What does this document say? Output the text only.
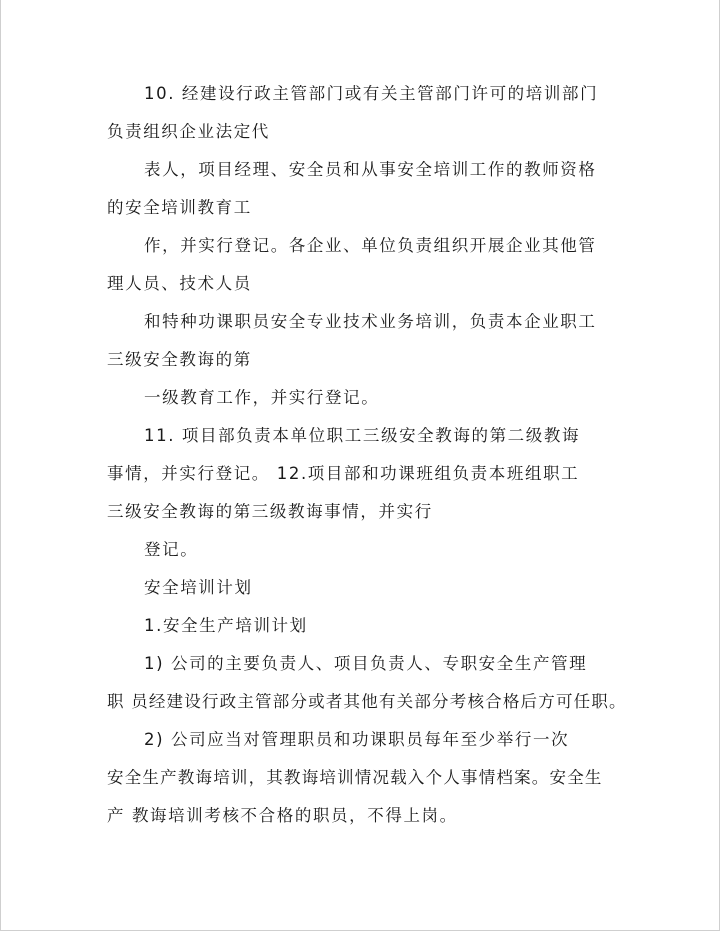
10. 经建设行政主管部门或有关主管部门许可的培训部门
负责组织企业法定代
表人，项目经理、安全员和从事安全培训工作的教师资格
的安全培训教育工
作，并实行登记。各企业、单位负责组织开展企业其他管
理人员、技术人员
和特种功课职员安全专业技术业务培训，负责本企业职工
三级安全教诲的第
一级教育工作，并实行登记。
11. 项目部负责本单位职工三级安全教诲的第二级教诲
事情，并实行登记。 12.项目部和功课班组负责本班组职工
三级安全教诲的第三级教诲事情，并实行
登记。
安全培训计划
1.安全生产培训计划
1) 公司的主要负责人、项目负责人、专职安全生产管理
职 员经建设行政主管部分或者其他有关部分考核合格后方可任职。
2) 公司应当对管理职员和功课职员每年至少举行一次
安全生产教诲培训，其教诲培训情况载入个人事情档案。安全生
产 教诲培训考核不合格的职员，不得上岗。
